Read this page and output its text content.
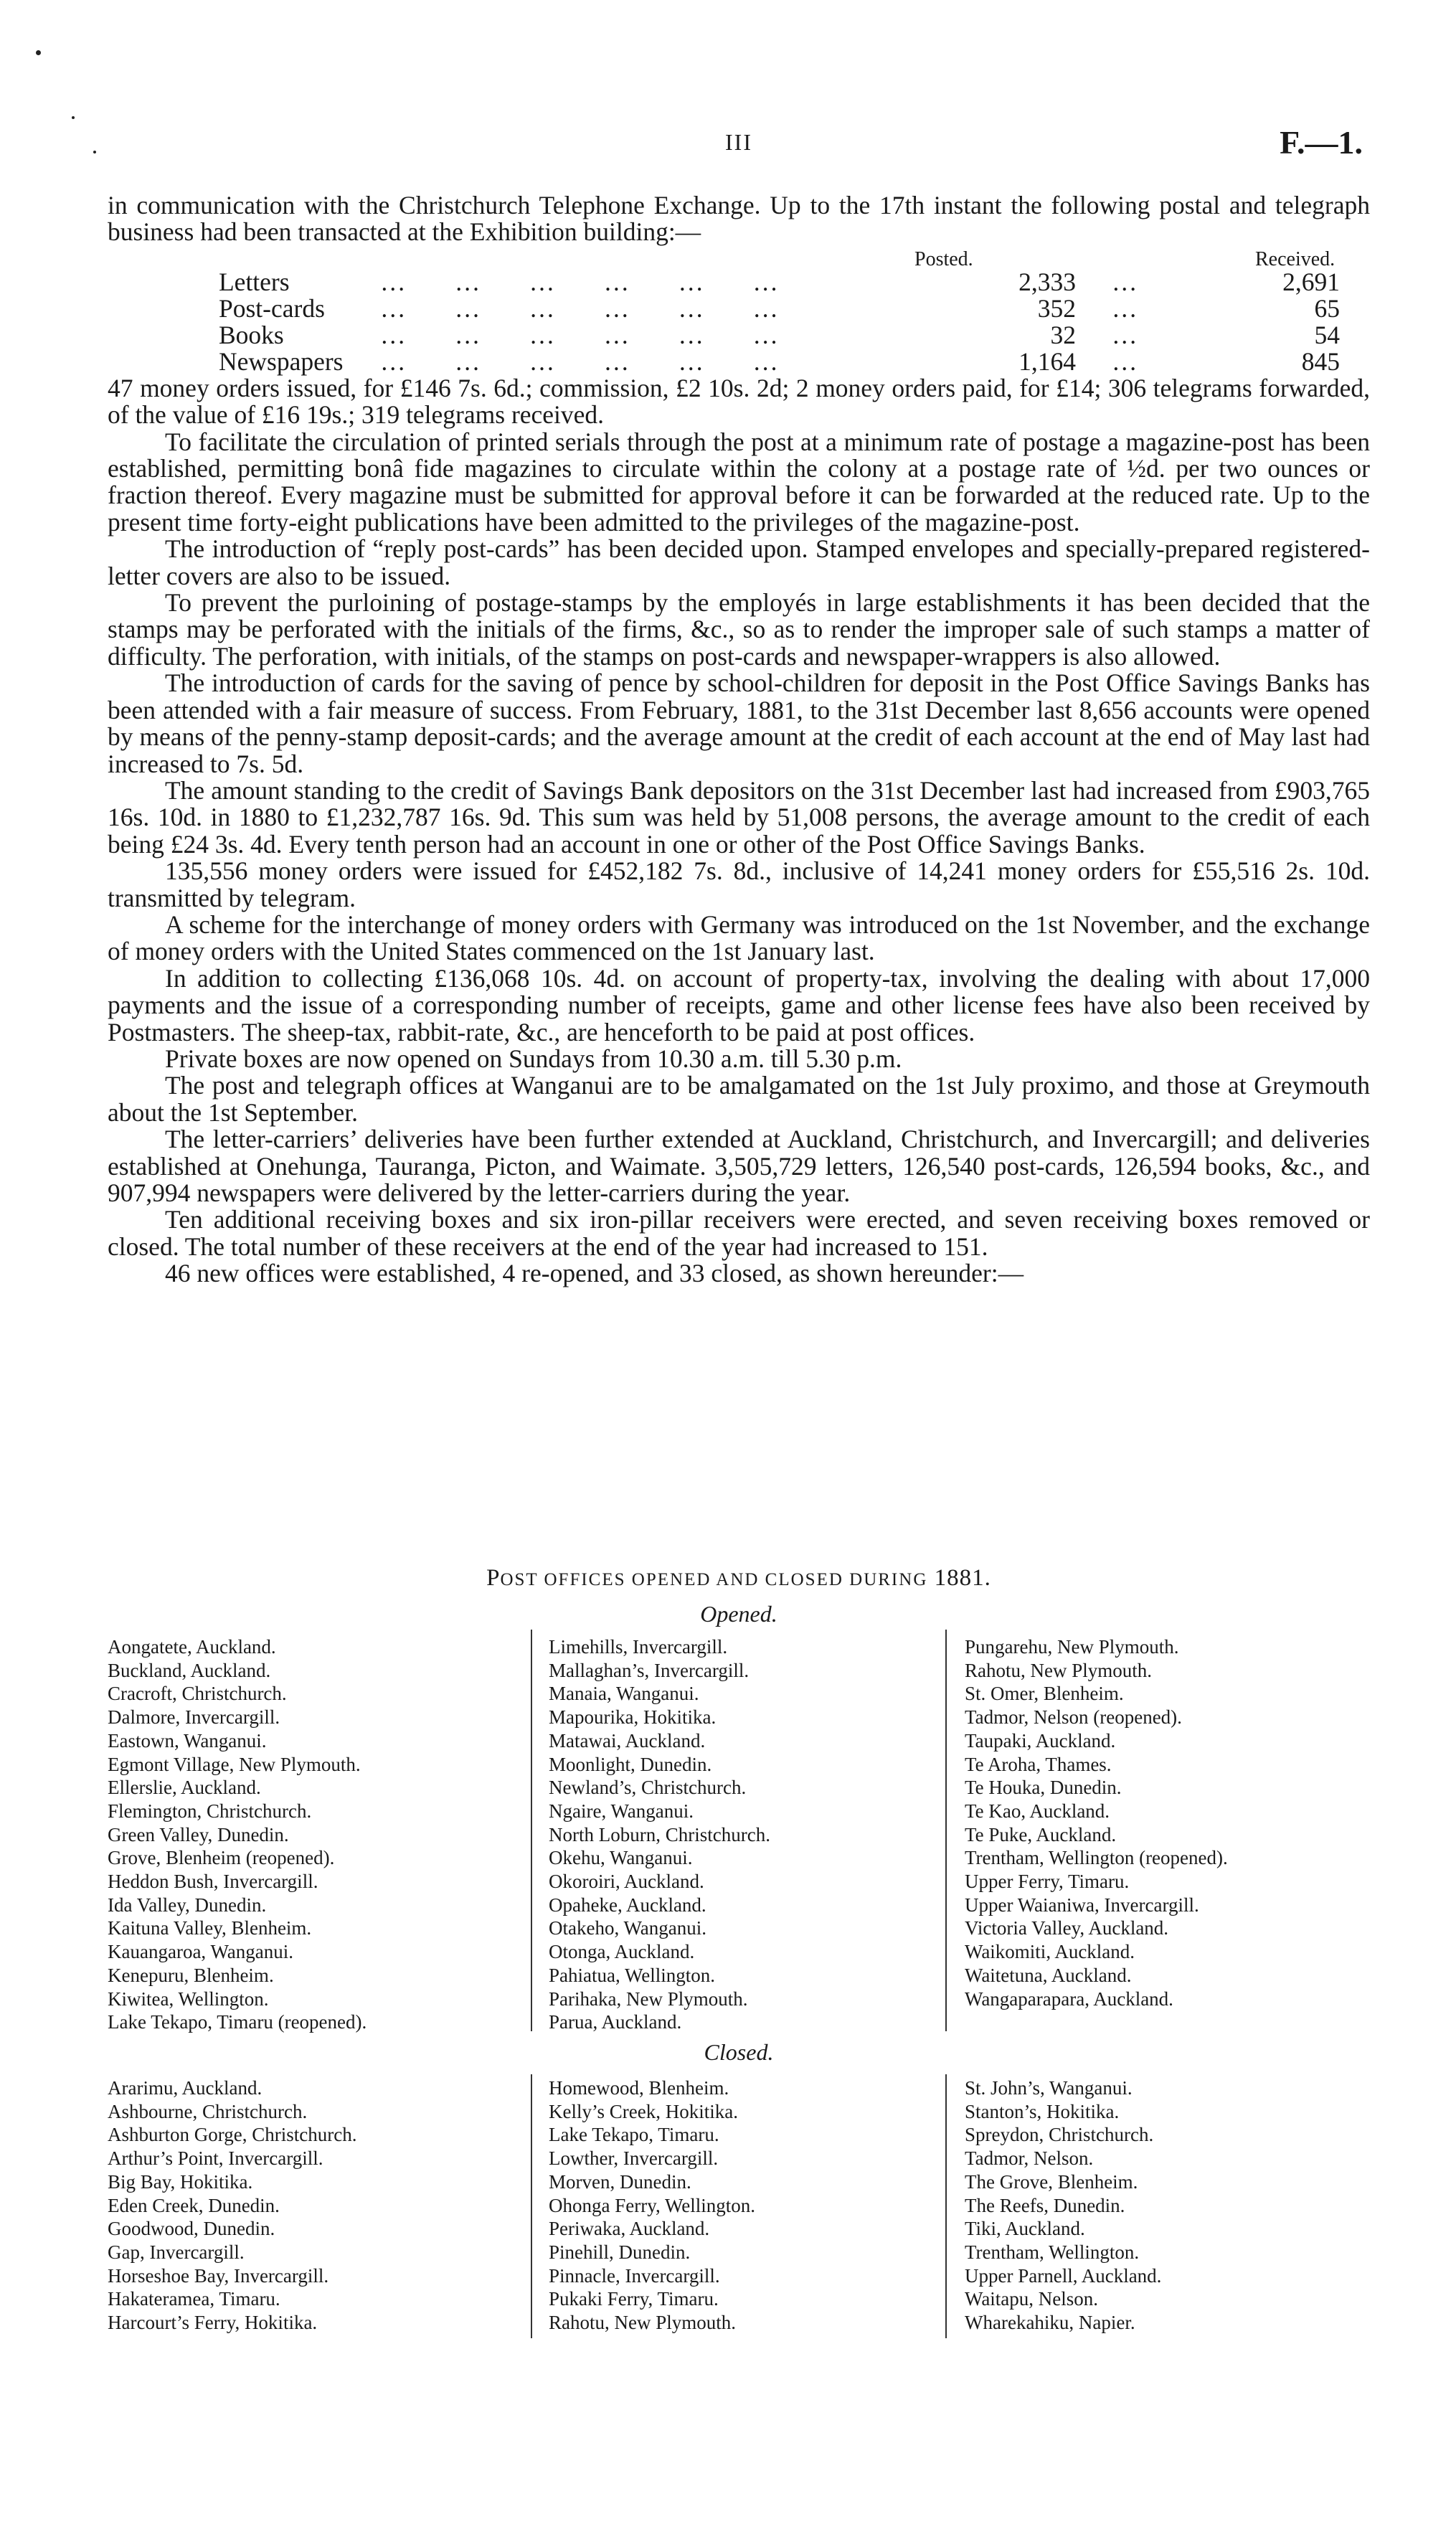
III	F.—1.

in communication with the Christchurch Telephone Exchange. Up to the 17th instant the following postal and telegraph business had been transacted at the Exhibition building:—

Posted.	Received.
Letters	…     …     …     …     …     …	2,333 …	2,691
Post-cards …     …     …     …     …     …	352 …	65
Books	…     …     …     …     …     …	32 …	54
Newspapers …     …     …     …     …     …	1,164 …	845

47 money orders issued, for £146 7s. 6d.; commission, £2 10s. 2d; 2 money orders paid, for £14; 306 telegrams forwarded, of the value of £16 19s.; 319 telegrams received.

To facilitate the circulation of printed serials through the post at a minimum rate of postage a magazine-post has been established, permitting bonâ fide magazines to circulate within the colony at a postage rate of ½d. per two ounces or fraction thereof. Every magazine must be submitted for approval before it can be forwarded at the reduced rate. Up to the present time forty-eight publications have been admitted to the privileges of the magazine-post.

The introduction of “reply post-cards” has been decided upon. Stamped envelopes and specially-prepared registered-letter covers are also to be issued.

To prevent the purloining of postage-stamps by the employés in large establishments it has been decided that the stamps may be perforated with the initials of the firms, &c., so as to render the improper sale of such stamps a matter of difficulty. The perforation, with initials, of the stamps on post-cards and newspaper-wrappers is also allowed.

The introduction of cards for the saving of pence by school-children for deposit in the Post Office Savings Banks has been attended with a fair measure of success. From February, 1881, to the 31st December last 8,656 accounts were opened by means of the penny-stamp deposit-cards; and the average amount at the credit of each account at the end of May last had increased to 7s. 5d.

The amount standing to the credit of Savings Bank depositors on the 31st December last had increased from £903,765 16s. 10d. in 1880 to £1,232,787 16s. 9d. This sum was held by 51,008 persons, the average amount to the credit of each being £24 3s. 4d. Every tenth person had an account in one or other of the Post Office Savings Banks.

135,556 money orders were issued for £452,182 7s. 8d., inclusive of 14,241 money orders for £55,516 2s. 10d. transmitted by telegram.

A scheme for the interchange of money orders with Germany was introduced on the 1st November, and the exchange of money orders with the United States commenced on the 1st January last.

In addition to collecting £136,068 10s. 4d. on account of property-tax, involving the dealing with about 17,000 payments and the issue of a corresponding number of receipts, game and other license fees have also been received by Postmasters. The sheep-tax, rabbit-rate, &c., are henceforth to be paid at post offices.

Private boxes are now opened on Sundays from 10.30 a.m. till 5.30 p.m.

The post and telegraph offices at Wanganui are to be amalgamated on the 1st July proximo, and those at Greymouth about the 1st September.

The letter-carriers’ deliveries have been further extended at Auckland, Christchurch, and Invercargill; and deliveries established at Onehunga, Tauranga, Picton, and Waimate. 3,505,729 letters, 126,540 post-cards, 126,594 books, &c., and 907,994 newspapers were delivered by the letter-carriers during the year.

Ten additional receiving boxes and six iron-pillar receivers were erected, and seven receiving boxes removed or closed. The total number of these receivers at the end of the year had increased to 151.

46 new offices were established, 4 re-opened, and 33 closed, as shown hereunder:—

POST OFFICES OPENED AND CLOSED DURING 1881.
Opened.
Aongatete, Auckland.
Buckland, Auckland.
Cracroft, Christchurch.
Dalmore, Invercargill.
Eastown, Wanganui.
Egmont Village, New Plymouth.
Ellerslie, Auckland.
Flemington, Christchurch.
Green Valley, Dunedin.
Grove, Blenheim (reopened).
Heddon Bush, Invercargill.
Ida Valley, Dunedin.
Kaituna Valley, Blenheim.
Kauangaroa, Wanganui.
Kenepuru, Blenheim.
Kiwitea, Wellington.
Lake Tekapo, Timaru (reopened).
Limehills, Invercargill.
Mallaghan’s, Invercargill.
Manaia, Wanganui.
Mapourika, Hokitika.
Matawai, Auckland.
Moonlight, Dunedin.
Newland’s, Christchurch.
Ngaire, Wanganui.
North Loburn, Christchurch.
Okehu, Wanganui.
Okoroiri, Auckland.
Opaheke, Auckland.
Otakeho, Wanganui.
Otonga, Auckland.
Pahiatua, Wellington.
Parihaka, New Plymouth.
Parua, Auckland.
Pungarehu, New Plymouth.
Rahotu, New Plymouth.
St. Omer, Blenheim.
Tadmor, Nelson (reopened).
Taupaki, Auckland.
Te Aroha, Thames.
Te Houka, Dunedin.
Te Kao, Auckland.
Te Puke, Auckland.
Trentham, Wellington (reopened).
Upper Ferry, Timaru.
Upper Waianiwa, Invercargill.
Victoria Valley, Auckland.
Waikomiti, Auckland.
Waitetuna, Auckland.
Wangaparapara, Auckland.
Closed.
Ararimu, Auckland.
Ashbourne, Christchurch.
Ashburton Gorge, Christchurch.
Arthur’s Point, Invercargill.
Big Bay, Hokitika.
Eden Creek, Dunedin.
Goodwood, Dunedin.
Gap, Invercargill.
Horseshoe Bay, Invercargill.
Hakateramea, Timaru.
Harcourt’s Ferry, Hokitika.
Homewood, Blenheim.
Kelly’s Creek, Hokitika.
Lake Tekapo, Timaru.
Lowther, Invercargill.
Morven, Dunedin.
Ohonga Ferry, Wellington.
Periwaka, Auckland.
Pinehill, Dunedin.
Pinnacle, Invercargill.
Pukaki Ferry, Timaru.
Rahotu, New Plymouth.
St. John’s, Wanganui.
Stanton’s, Hokitika.
Spreydon, Christchurch.
Tadmor, Nelson.
The Grove, Blenheim.
The Reefs, Dunedin.
Tiki, Auckland.
Trentham, Wellington.
Upper Parnell, Auckland.
Waitapu, Nelson.
Wharekahiku, Napier.
